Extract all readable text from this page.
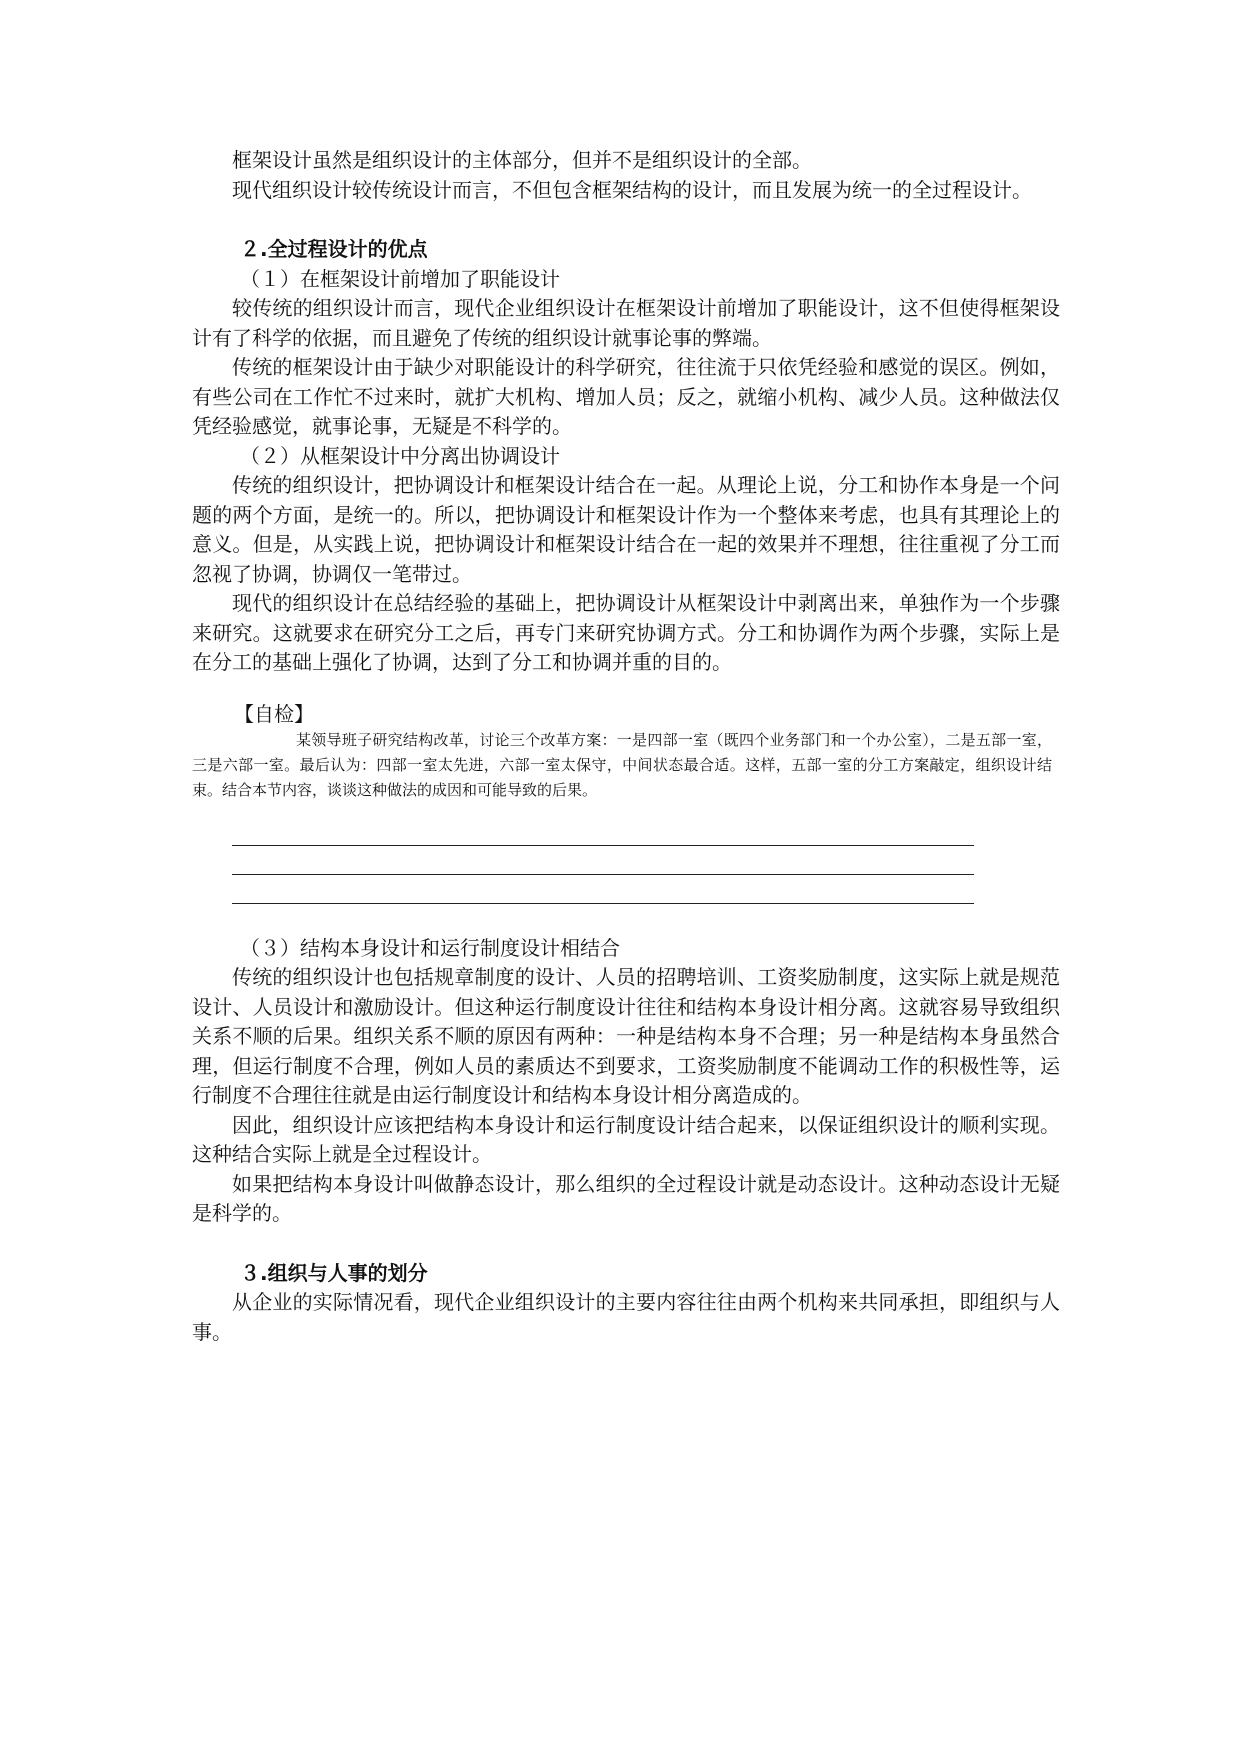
框架设计虽然是组织设计的主体部分，但并不是组织设计的全部。

现代组织设计较传统设计而言，不但包含框架结构的设计，而且发展为统一的全过程设计。

２.全过程设计的优点

（１）在框架设计前增加了职能设计

较传统的组织设计而言，现代企业组织设计在框架设计前增加了职能设计，这不但使得框架设计有了科学的依据，而且避免了传统的组织设计就事论事的弊端。

传统的框架设计由于缺少对职能设计的科学研究，往往流于只依凭经验和感觉的误区。例如，有些公司在工作忙不过来时，就扩大机构、增加人员；反之，就缩小机构、减少人员。这种做法仅凭经验感觉，就事论事，无疑是不科学的。

（２）从框架设计中分离出协调设计

传统的组织设计，把协调设计和框架设计结合在一起。从理论上说，分工和协作本身是一个问题的两个方面，是统一的。所以，把协调设计和框架设计作为一个整体来考虑，也具有其理论上的意义。但是，从实践上说，把协调设计和框架设计结合在一起的效果并不理想，往往重视了分工而忽视了协调，协调仅一笔带过。

现代的组织设计在总结经验的基础上，把协调设计从框架设计中剥离出来，单独作为一个步骤来研究。这就要求在研究分工之后，再专门来研究协调方式。分工和协调作为两个步骤，实际上是在分工的基础上强化了协调，达到了分工和协调并重的目的。

【自检】

某领导班子研究结构改革，讨论三个改革方案：一是四部一室（既四个业务部门和一个办公室），二是五部一室，三是六部一室。最后认为：四部一室太先进，六部一室太保守，中间状态最合适。这样，五部一室的分工方案敲定，组织设计结束。结合本节内容，谈谈这种做法的成因和可能导致的后果。

（３）结构本身设计和运行制度设计相结合

传统的组织设计也包括规章制度的设计、人员的招聘培训、工资奖励制度，这实际上就是规范设计、人员设计和激励设计。但这种运行制度设计往往和结构本身设计相分离。这就容易导致组织关系不顺的后果。组织关系不顺的原因有两种：一种是结构本身不合理；另一种是结构本身虽然合理，但运行制度不合理，例如人员的素质达不到要求，工资奖励制度不能调动工作的积极性等，运行制度不合理往往就是由运行制度设计和结构本身设计相分离造成的。

因此，组织设计应该把结构本身设计和运行制度设计结合起来，以保证组织设计的顺利实现。这种结合实际上就是全过程设计。

如果把结构本身设计叫做静态设计，那么组织的全过程设计就是动态设计。这种动态设计无疑是科学的。

３.组织与人事的划分

从企业的实际情况看，现代企业组织设计的主要内容往往由两个机构来共同承担，即组织与人事。
